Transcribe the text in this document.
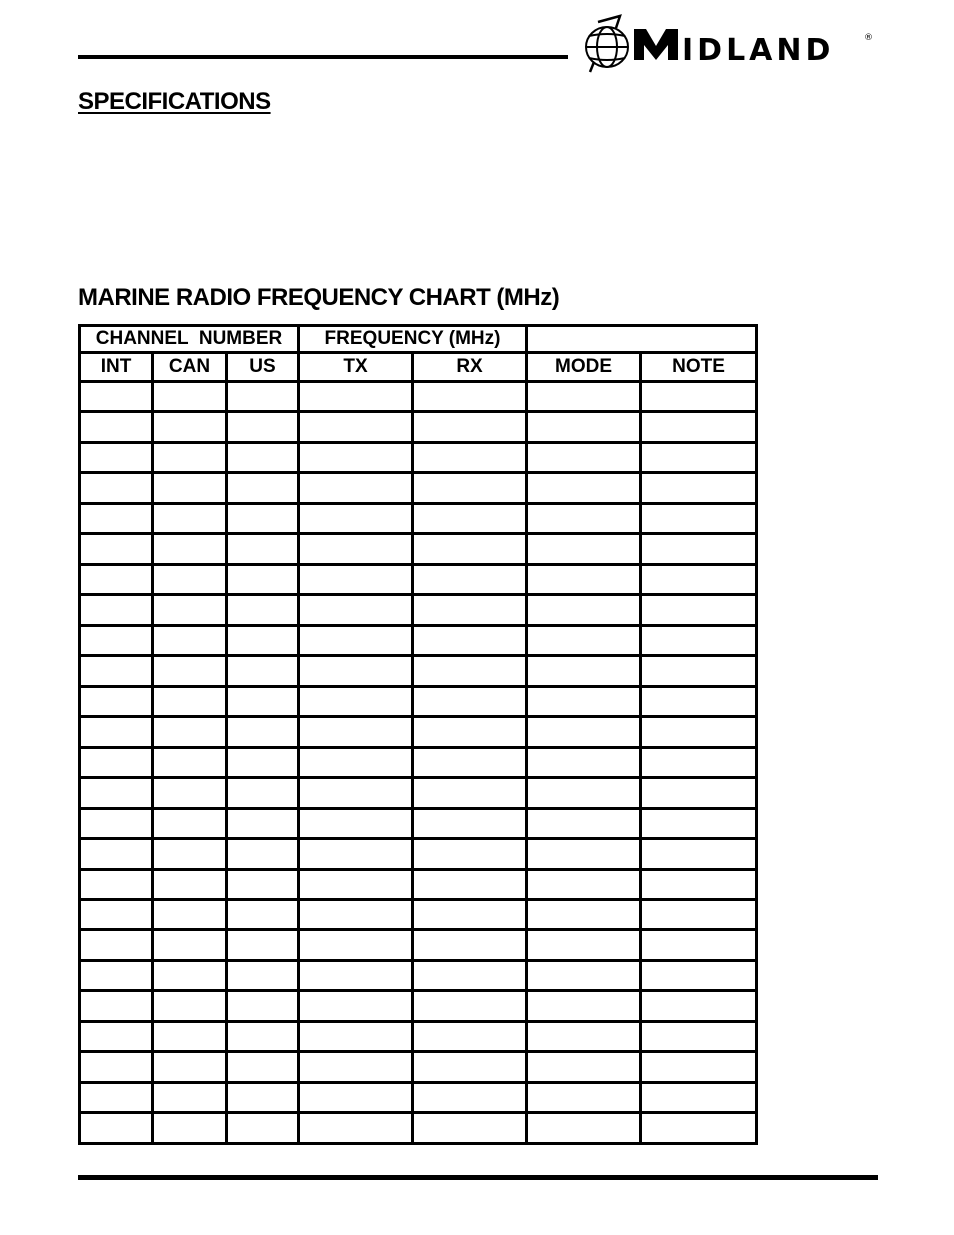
IDLAND	®
SPECIFICATIONS
MARINE RADIO FREQUENCY CHART (MHz)
CHANNEL  NUMBER			FREQUENCY (MHz)			
INT	CAN	US	TX	RX	MODE	NOTE
